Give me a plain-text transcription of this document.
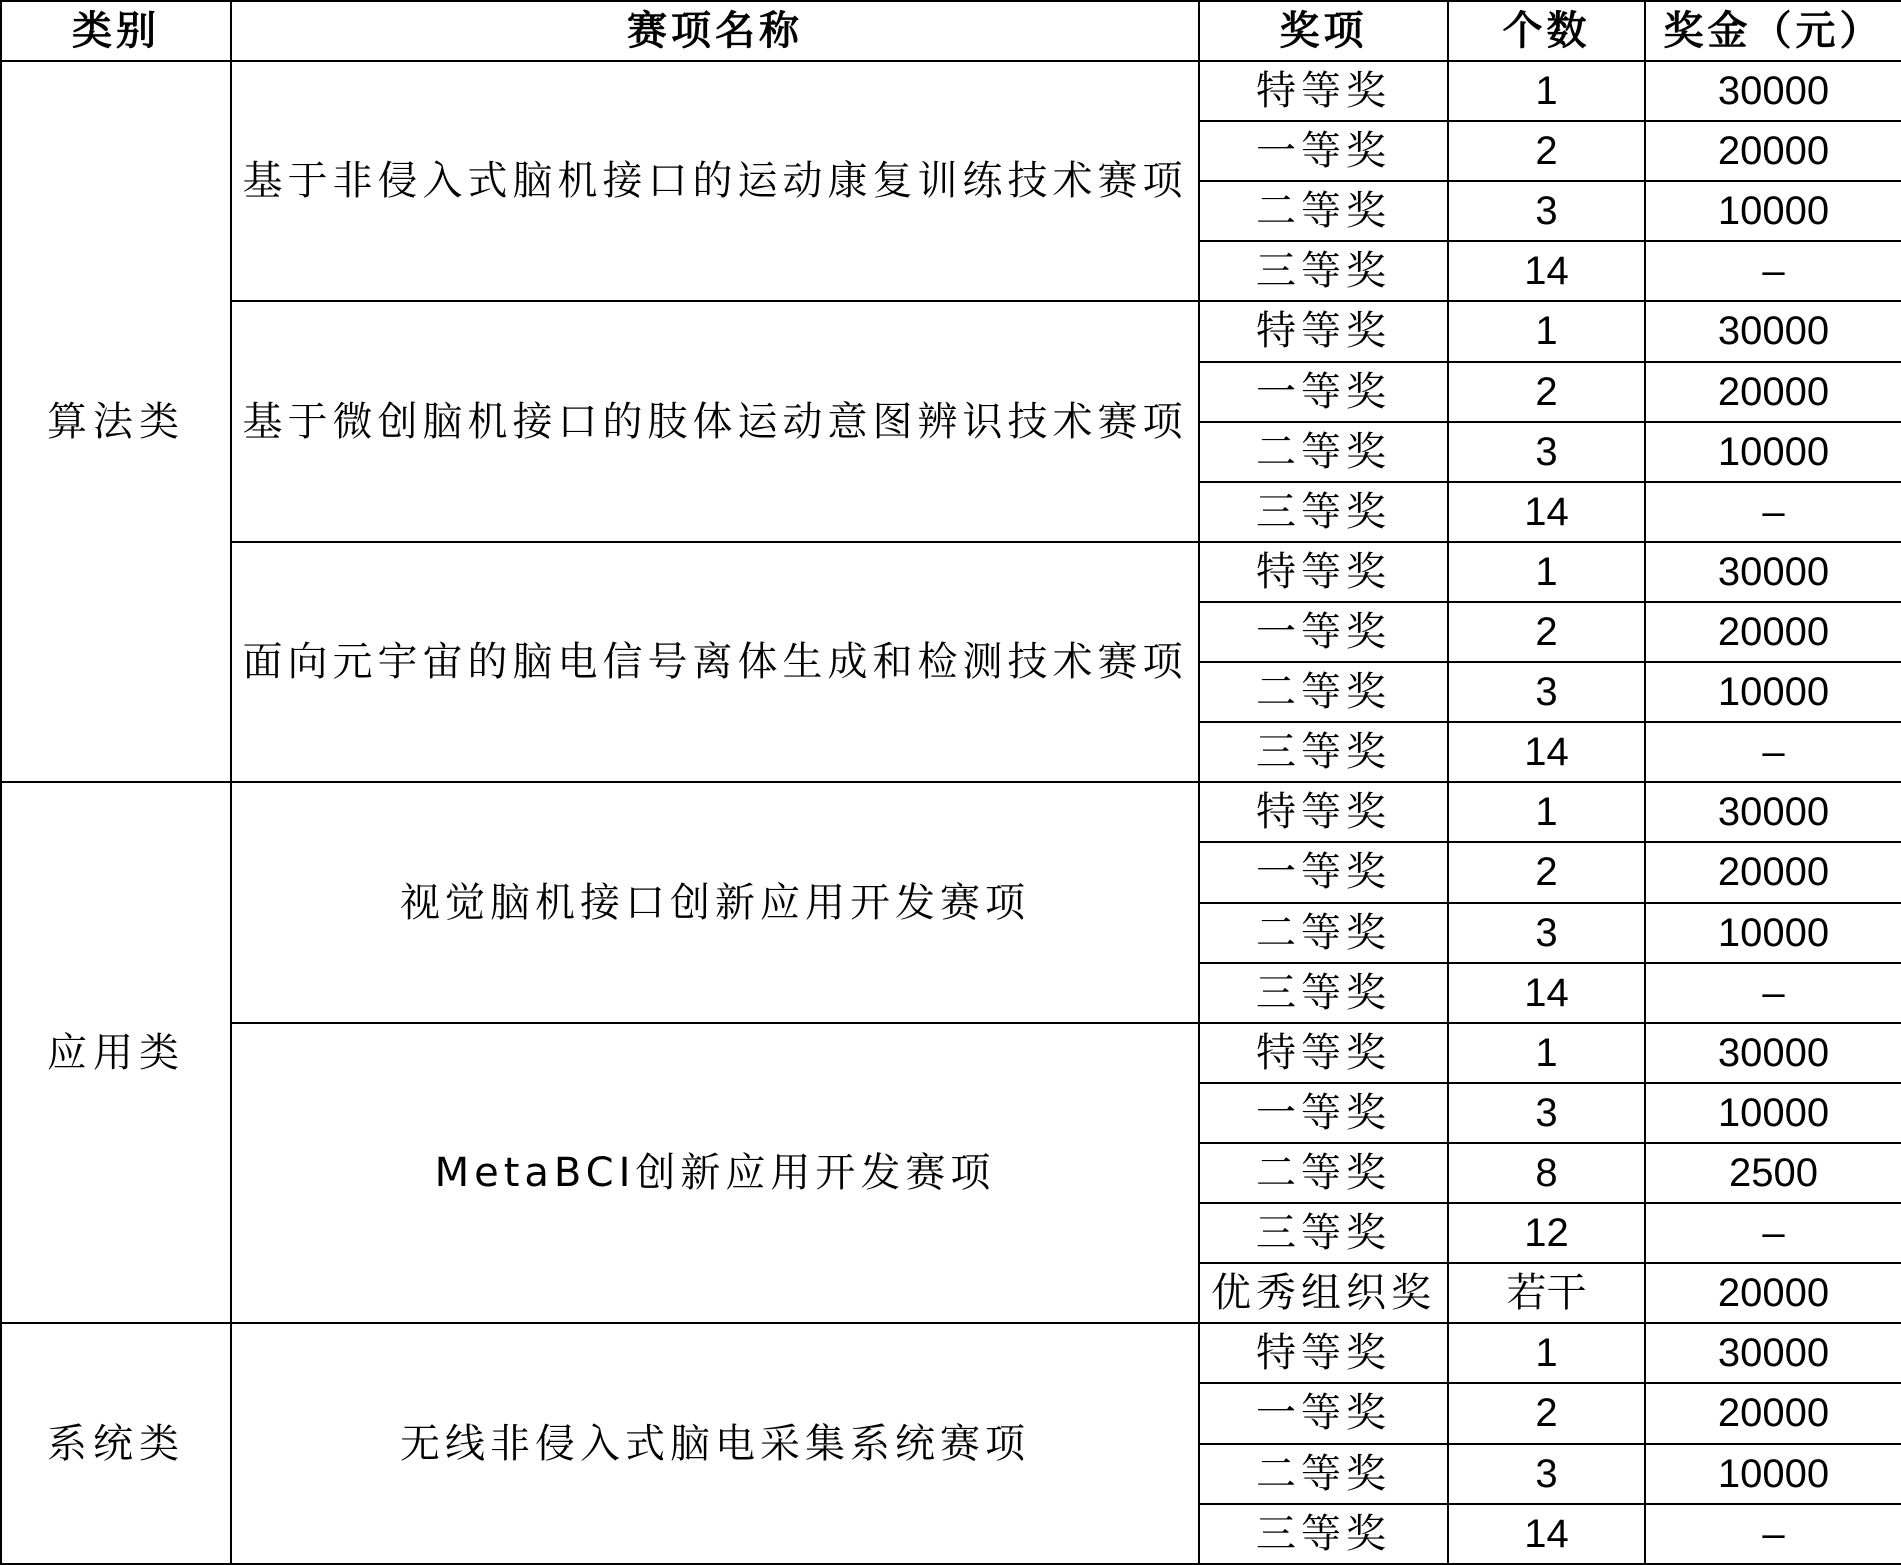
类别	赛项名称	奖项	个数	奖金（元）
算法类	基于非侵入式脑机接口的运动康复训练技术赛项	特等奖	1	30000
		一等奖	2	20000
		二等奖	3	10000
		三等奖	14	–
	基于微创脑机接口的肢体运动意图辨识技术赛项	特等奖	1	30000
		一等奖	2	20000
		二等奖	3	10000
		三等奖	14	–
	面向元宇宙的脑电信号离体生成和检测技术赛项	特等奖	1	30000
		一等奖	2	20000
		二等奖	3	10000
		三等奖	14	–
应用类	视觉脑机接口创新应用开发赛项	特等奖	1	30000
		一等奖	2	20000
		二等奖	3	10000
		三等奖	14	–
	MetaBCI创新应用开发赛项	特等奖	1	30000
		一等奖	3	10000
		二等奖	8	2500
		三等奖	12	–
		优秀组织奖	若干	20000
系统类	无线非侵入式脑电采集系统赛项	特等奖	1	30000
		一等奖	2	20000
		二等奖	3	10000
		三等奖	14	–
